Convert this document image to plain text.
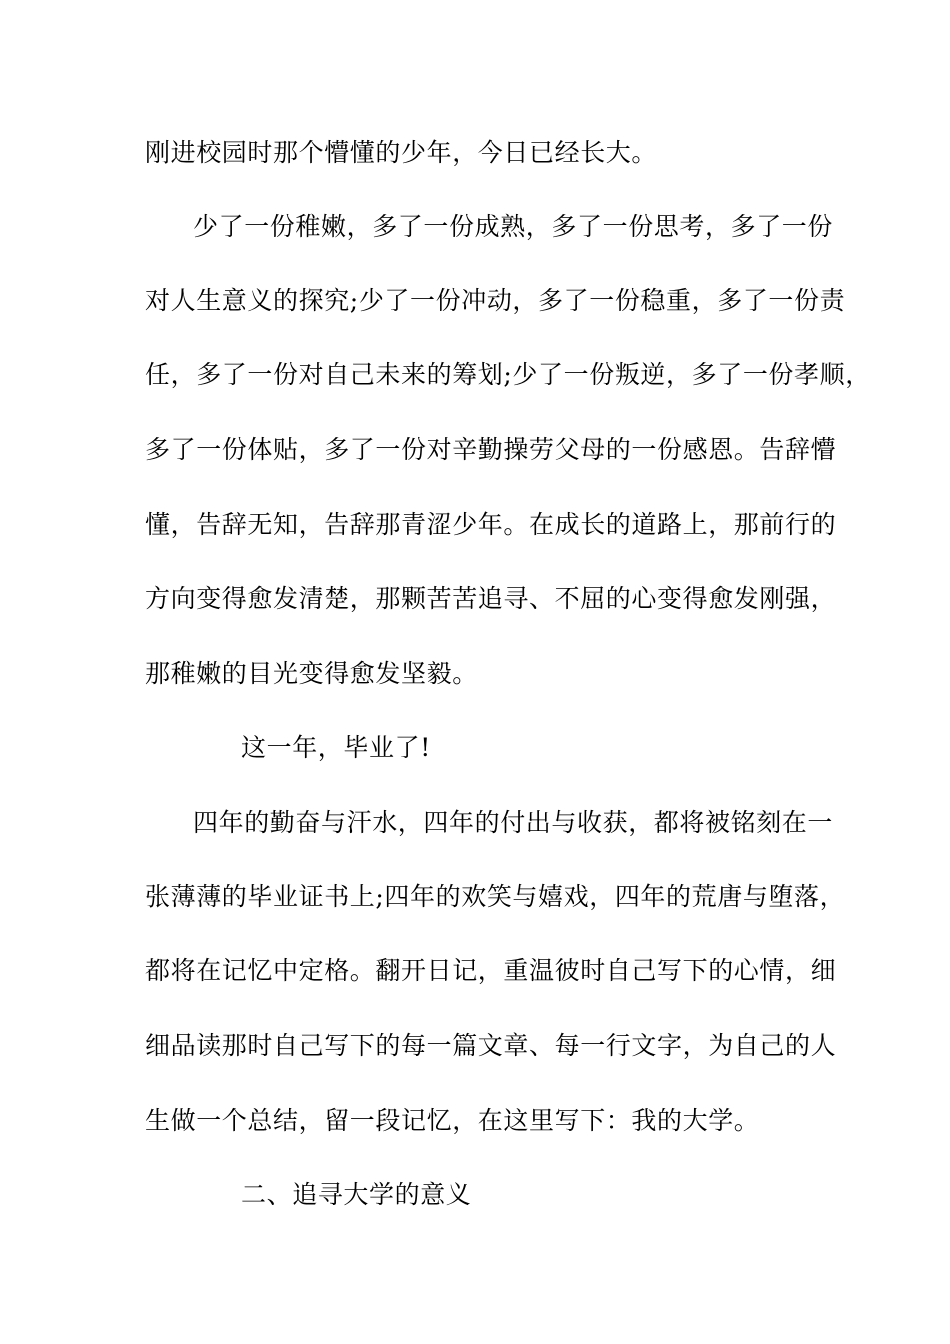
刚进校园时那个懵懂的少年，今日已经长大。
少了一份稚嫩，多了一份成熟，多了一份思考，多了一份
对人生意义的探究;少了一份冲动，多了一份稳重，多了一份责
任，多了一份对自己未来的筹划;少了一份叛逆，多了一份孝顺，
多了一份体贴，多了一份对辛勤操劳父母的一份感恩。告辞懵
懂，告辞无知，告辞那青涩少年。在成长的道路上，那前行的
方向变得愈发清楚，那颗苦苦追寻、不屈的心变得愈发刚强，
那稚嫩的目光变得愈发坚毅。
这一年，毕业了!
四年的勤奋与汗水，四年的付出与收获，都将被铭刻在一
张薄薄的毕业证书上;四年的欢笑与嬉戏，四年的荒唐与堕落，
都将在记忆中定格。翻开日记，重温彼时自己写下的心情，细
细品读那时自己写下的每一篇文章、每一行文字，为自己的人
生做一个总结，留一段记忆，在这里写下：我的大学。
二、追寻大学的意义
